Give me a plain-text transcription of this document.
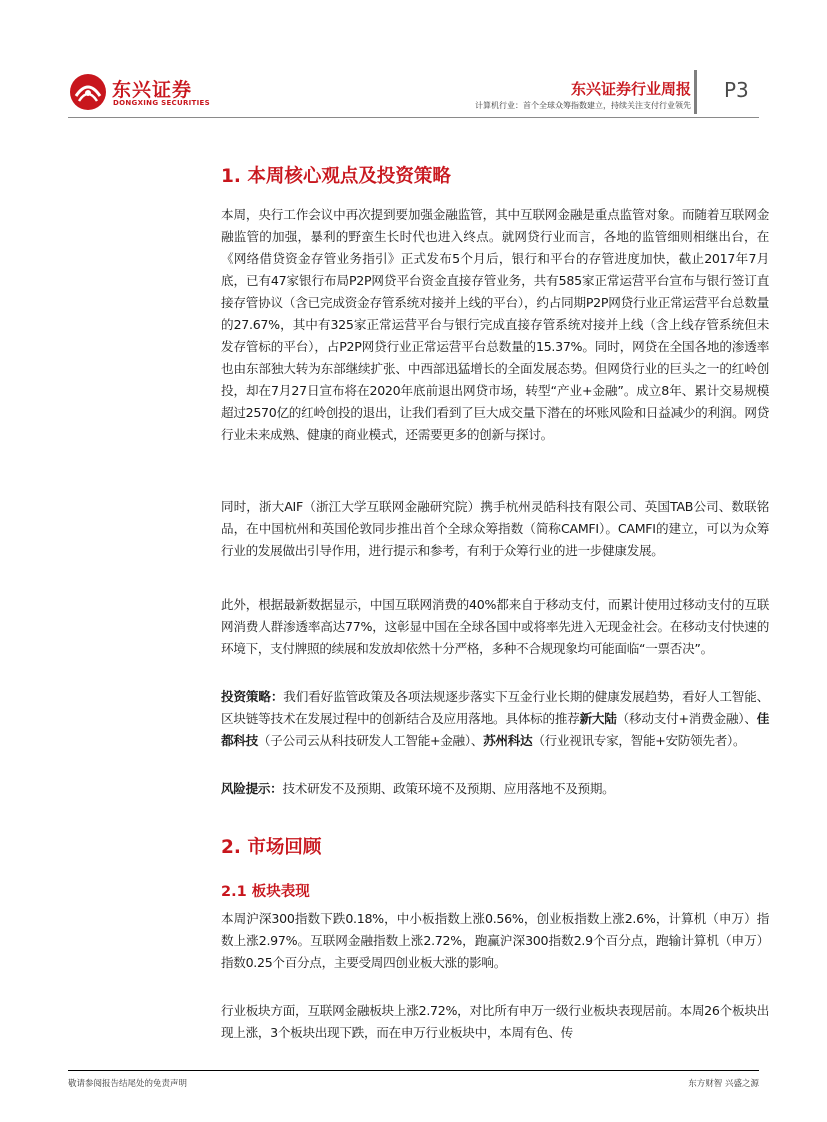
东兴证券
DONGXING SECURITIES
东兴证券行业周报
计算机行业：首个全球众筹指数建立，持续关注支付行业领先
P3
1. 本周核心观点及投资策略
本周，央行工作会议中再次提到要加强金融监管，其中互联网金融是重点监管对象。而随着互联网金融监管的加强，暴利的野蛮生长时代也进入终点。就网贷行业而言，各地的监管细则相继出台，在《网络借贷资金存管业务指引》正式发布5个月后，银行和平台的存管进度加快，截止2017年7月底，已有47家银行布局P2P网贷平台资金直接存管业务，共有585家正常运营平台宣布与银行签订直接存管协议（含已完成资金存管系统对接并上线的平台），约占同期P2P网贷行业正常运营平台总数量的27.67%，其中有325家正常运营平台与银行完成直接存管系统对接并上线（含上线存管系统但未发存管标的平台），占P2P网贷行业正常运营平台总数量的15.37%。同时，网贷在全国各地的渗透率也由东部独大转为东部继续扩张、中西部迅猛增长的全面发展态势。但网贷行业的巨头之一的红岭创投，却在7月27日宣布将在2020年底前退出网贷市场，转型“产业+金融”。成立8年、累计交易规模超过2570亿的红岭创投的退出，让我们看到了巨大成交量下潜在的坏账风险和日益减少的利润。网贷行业未来成熟、健康的商业模式，还需要更多的创新与探讨。
同时，浙大AIF（浙江大学互联网金融研究院）携手杭州灵皓科技有限公司、英国TAB公司、数联铭品，在中国杭州和英国伦敦同步推出首个全球众筹指数（简称CAMFI）。CAMFI的建立，可以为众筹行业的发展做出引导作用，进行提示和参考，有利于众筹行业的进一步健康发展。
此外，根据最新数据显示，中国互联网消费的40%都来自于移动支付，而累计使用过移动支付的互联网消费人群渗透率高达77%，这彰显中国在全球各国中或将率先进入无现金社会。在移动支付快速的环境下，支付牌照的续展和发放却依然十分严格，多种不合规现象均可能面临“一票否决”。
投资策略：我们看好监管政策及各项法规逐步落实下互金行业长期的健康发展趋势，看好人工智能、区块链等技术在发展过程中的创新结合及应用落地。具体标的推荐新大陆（移动支付+消费金融）、佳都科技（子公司云从科技研发人工智能+金融）、苏州科达（行业视讯专家，智能+安防领先者）。
风险提示：技术研发不及预期、政策环境不及预期、应用落地不及预期。
2. 市场回顾
2.1 板块表现
本周沪深300指数下跌0.18%，中小板指数上涨0.56%，创业板指数上涨2.6%，计算机（申万）指数上涨2.97%。互联网金融指数上涨2.72%，跑赢沪深300指数2.9个百分点，跑输计算机（申万）指数0.25个百分点，主要受周四创业板大涨的影响。
行业板块方面，互联网金融板块上涨2.72%，对比所有申万一级行业板块表现居前。本周26个板块出现上涨，3个板块出现下跌，而在申万行业板块中，本周有色、传
敬请参阅报告结尾处的免责声明	东方财智 兴盛之源
